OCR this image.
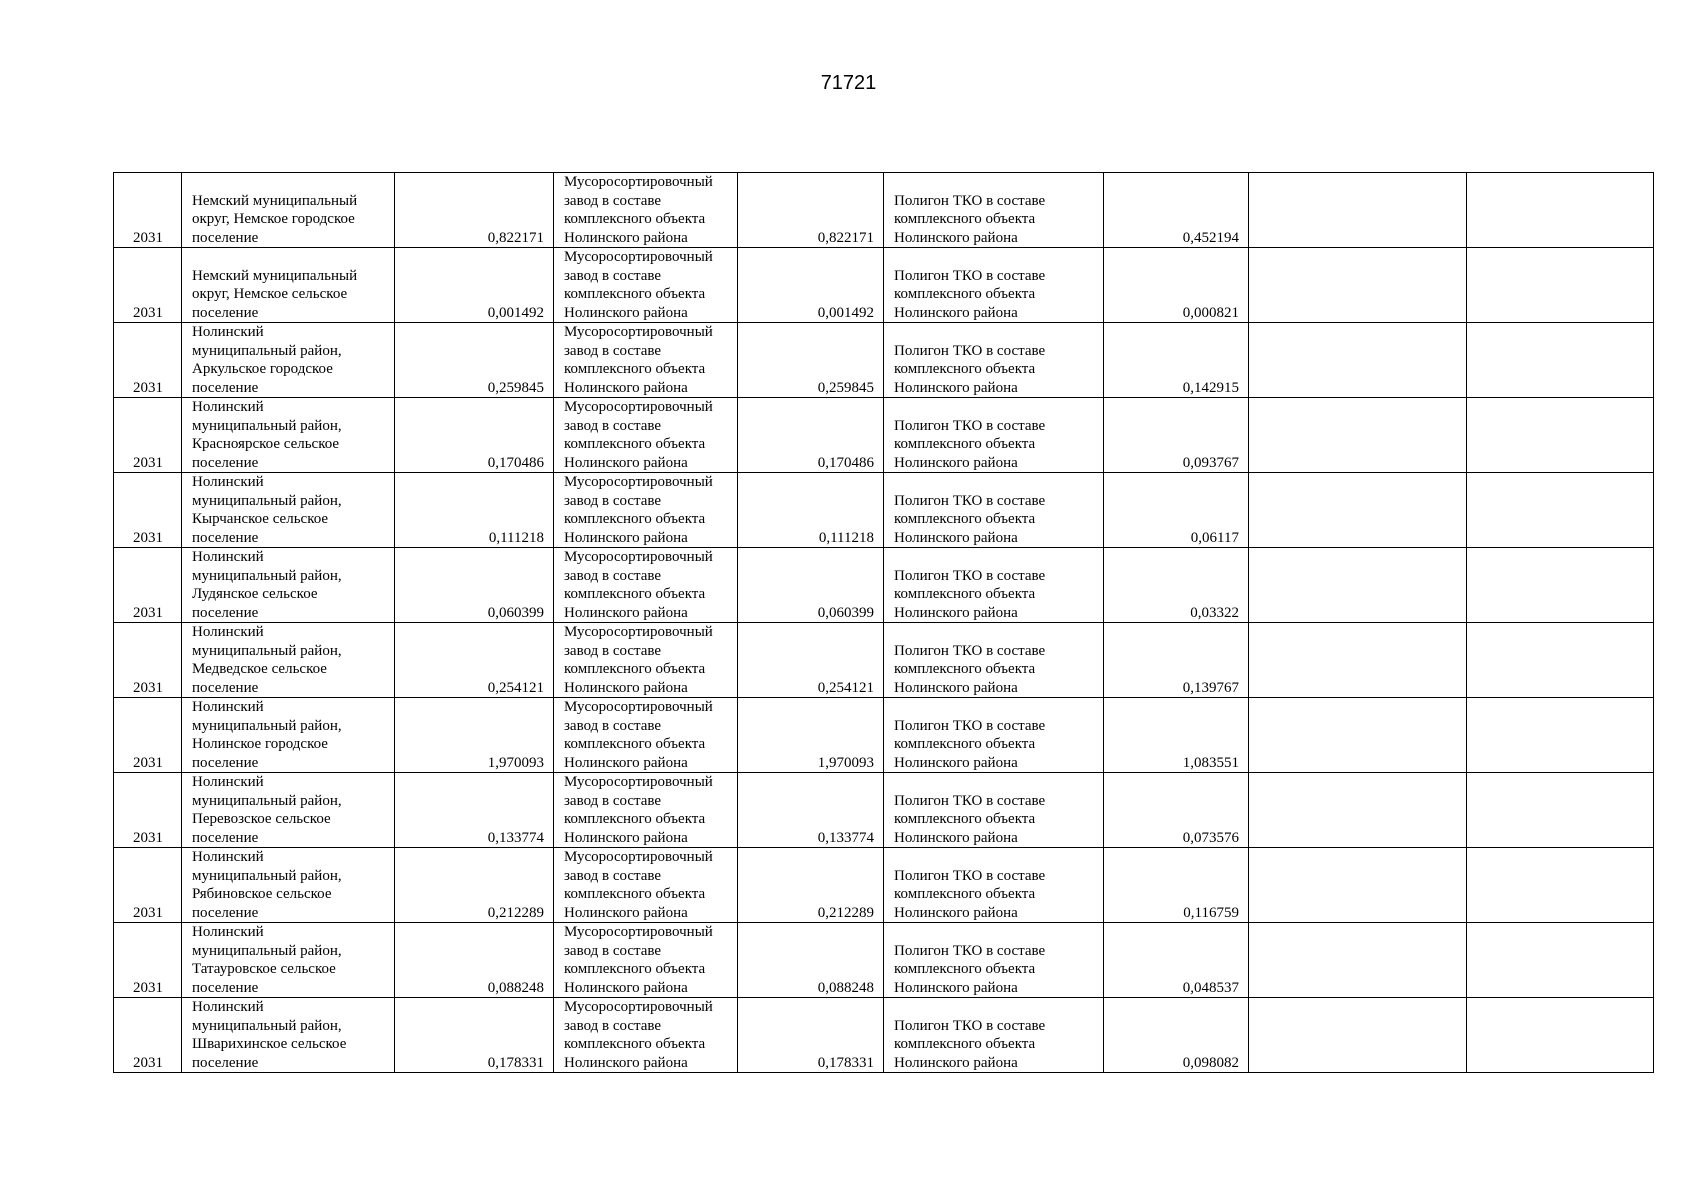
71721
2031	Немский муниципальный
округ, Немское городское
поселение	0,822171	Мусоросортировочный
завод в составе
комплексного объекта
Нолинского района	0,822171	Полигон ТКО в составе
комплексного объекта
Нолинского района	0,452194		
2031	Немский муниципальный
округ, Немское сельское
поселение	0,001492	Мусоросортировочный
завод в составе
комплексного объекта
Нолинского района	0,001492	Полигон ТКО в составе
комплексного объекта
Нолинского района	0,000821		
2031	Нолинский
муниципальный район,
Аркульское городское
поселение	0,259845	Мусоросортировочный
завод в составе
комплексного объекта
Нолинского района	0,259845	Полигон ТКО в составе
комплексного объекта
Нолинского района	0,142915		
2031	Нолинский
муниципальный район,
Красноярское сельское
поселение	0,170486	Мусоросортировочный
завод в составе
комплексного объекта
Нолинского района	0,170486	Полигон ТКО в составе
комплексного объекта
Нолинского района	0,093767		
2031	Нолинский
муниципальный район,
Кырчанское сельское
поселение	0,111218	Мусоросортировочный
завод в составе
комплексного объекта
Нолинского района	0,111218	Полигон ТКО в составе
комплексного объекта
Нолинского района	0,06117		
2031	Нолинский
муниципальный район,
Лудянское сельское
поселение	0,060399	Мусоросортировочный
завод в составе
комплексного объекта
Нолинского района	0,060399	Полигон ТКО в составе
комплексного объекта
Нолинского района	0,03322		
2031	Нолинский
муниципальный район,
Медведское сельское
поселение	0,254121	Мусоросортировочный
завод в составе
комплексного объекта
Нолинского района	0,254121	Полигон ТКО в составе
комплексного объекта
Нолинского района	0,139767		
2031	Нолинский
муниципальный район,
Нолинское городское
поселение	1,970093	Мусоросортировочный
завод в составе
комплексного объекта
Нолинского района	1,970093	Полигон ТКО в составе
комплексного объекта
Нолинского района	1,083551		
2031	Нолинский
муниципальный район,
Перевозское сельское
поселение	0,133774	Мусоросортировочный
завод в составе
комплексного объекта
Нолинского района	0,133774	Полигон ТКО в составе
комплексного объекта
Нолинского района	0,073576		
2031	Нолинский
муниципальный район,
Рябиновское сельское
поселение	0,212289	Мусоросортировочный
завод в составе
комплексного объекта
Нолинского района	0,212289	Полигон ТКО в составе
комплексного объекта
Нолинского района	0,116759		
2031	Нолинский
муниципальный район,
Татауровское сельское
поселение	0,088248	Мусоросортировочный
завод в составе
комплексного объекта
Нолинского района	0,088248	Полигон ТКО в составе
комплексного объекта
Нолинского района	0,048537		
2031	Нолинский
муниципальный район,
Шварихинское сельское
поселение	0,178331	Мусоросортировочный
завод в составе
комплексного объекта
Нолинского района	0,178331	Полигон ТКО в составе
комплексного объекта
Нолинского района	0,098082		
